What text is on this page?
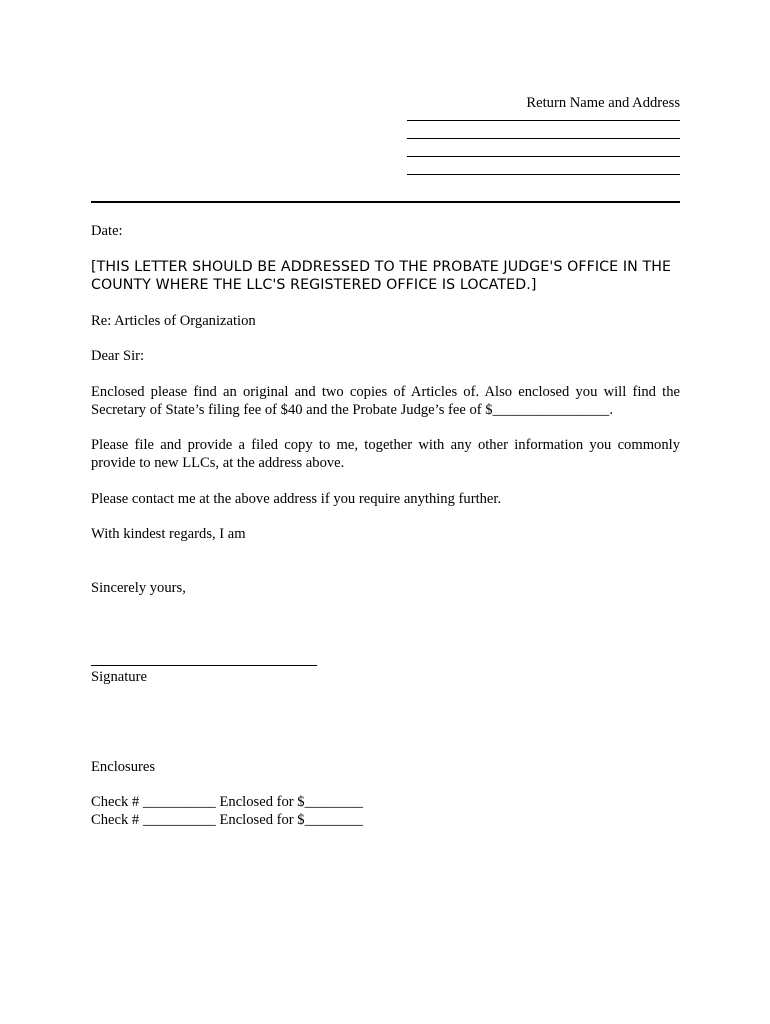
Return Name and Address

Date:

[THIS LETTER SHOULD BE ADDRESSED TO THE PROBATE JUDGE'S OFFICE IN THE COUNTY WHERE THE LLC'S REGISTERED OFFICE IS LOCATED.]

Re: Articles of Organization

Dear Sir:

Enclosed please find an original and two copies of Articles of. Also enclosed you will find the Secretary of State’s filing fee of $40 and the Probate Judge’s fee of $________________.

Please file and provide a filed copy to me, together with any other information you commonly provide to new LLCs, at the address above.

Please contact me at the above address if you require anything further.

With kindest regards, I am

Sincerely yours,

Signature

Enclosures

Check # __________ Enclosed for $________
Check # __________ Enclosed for $________
